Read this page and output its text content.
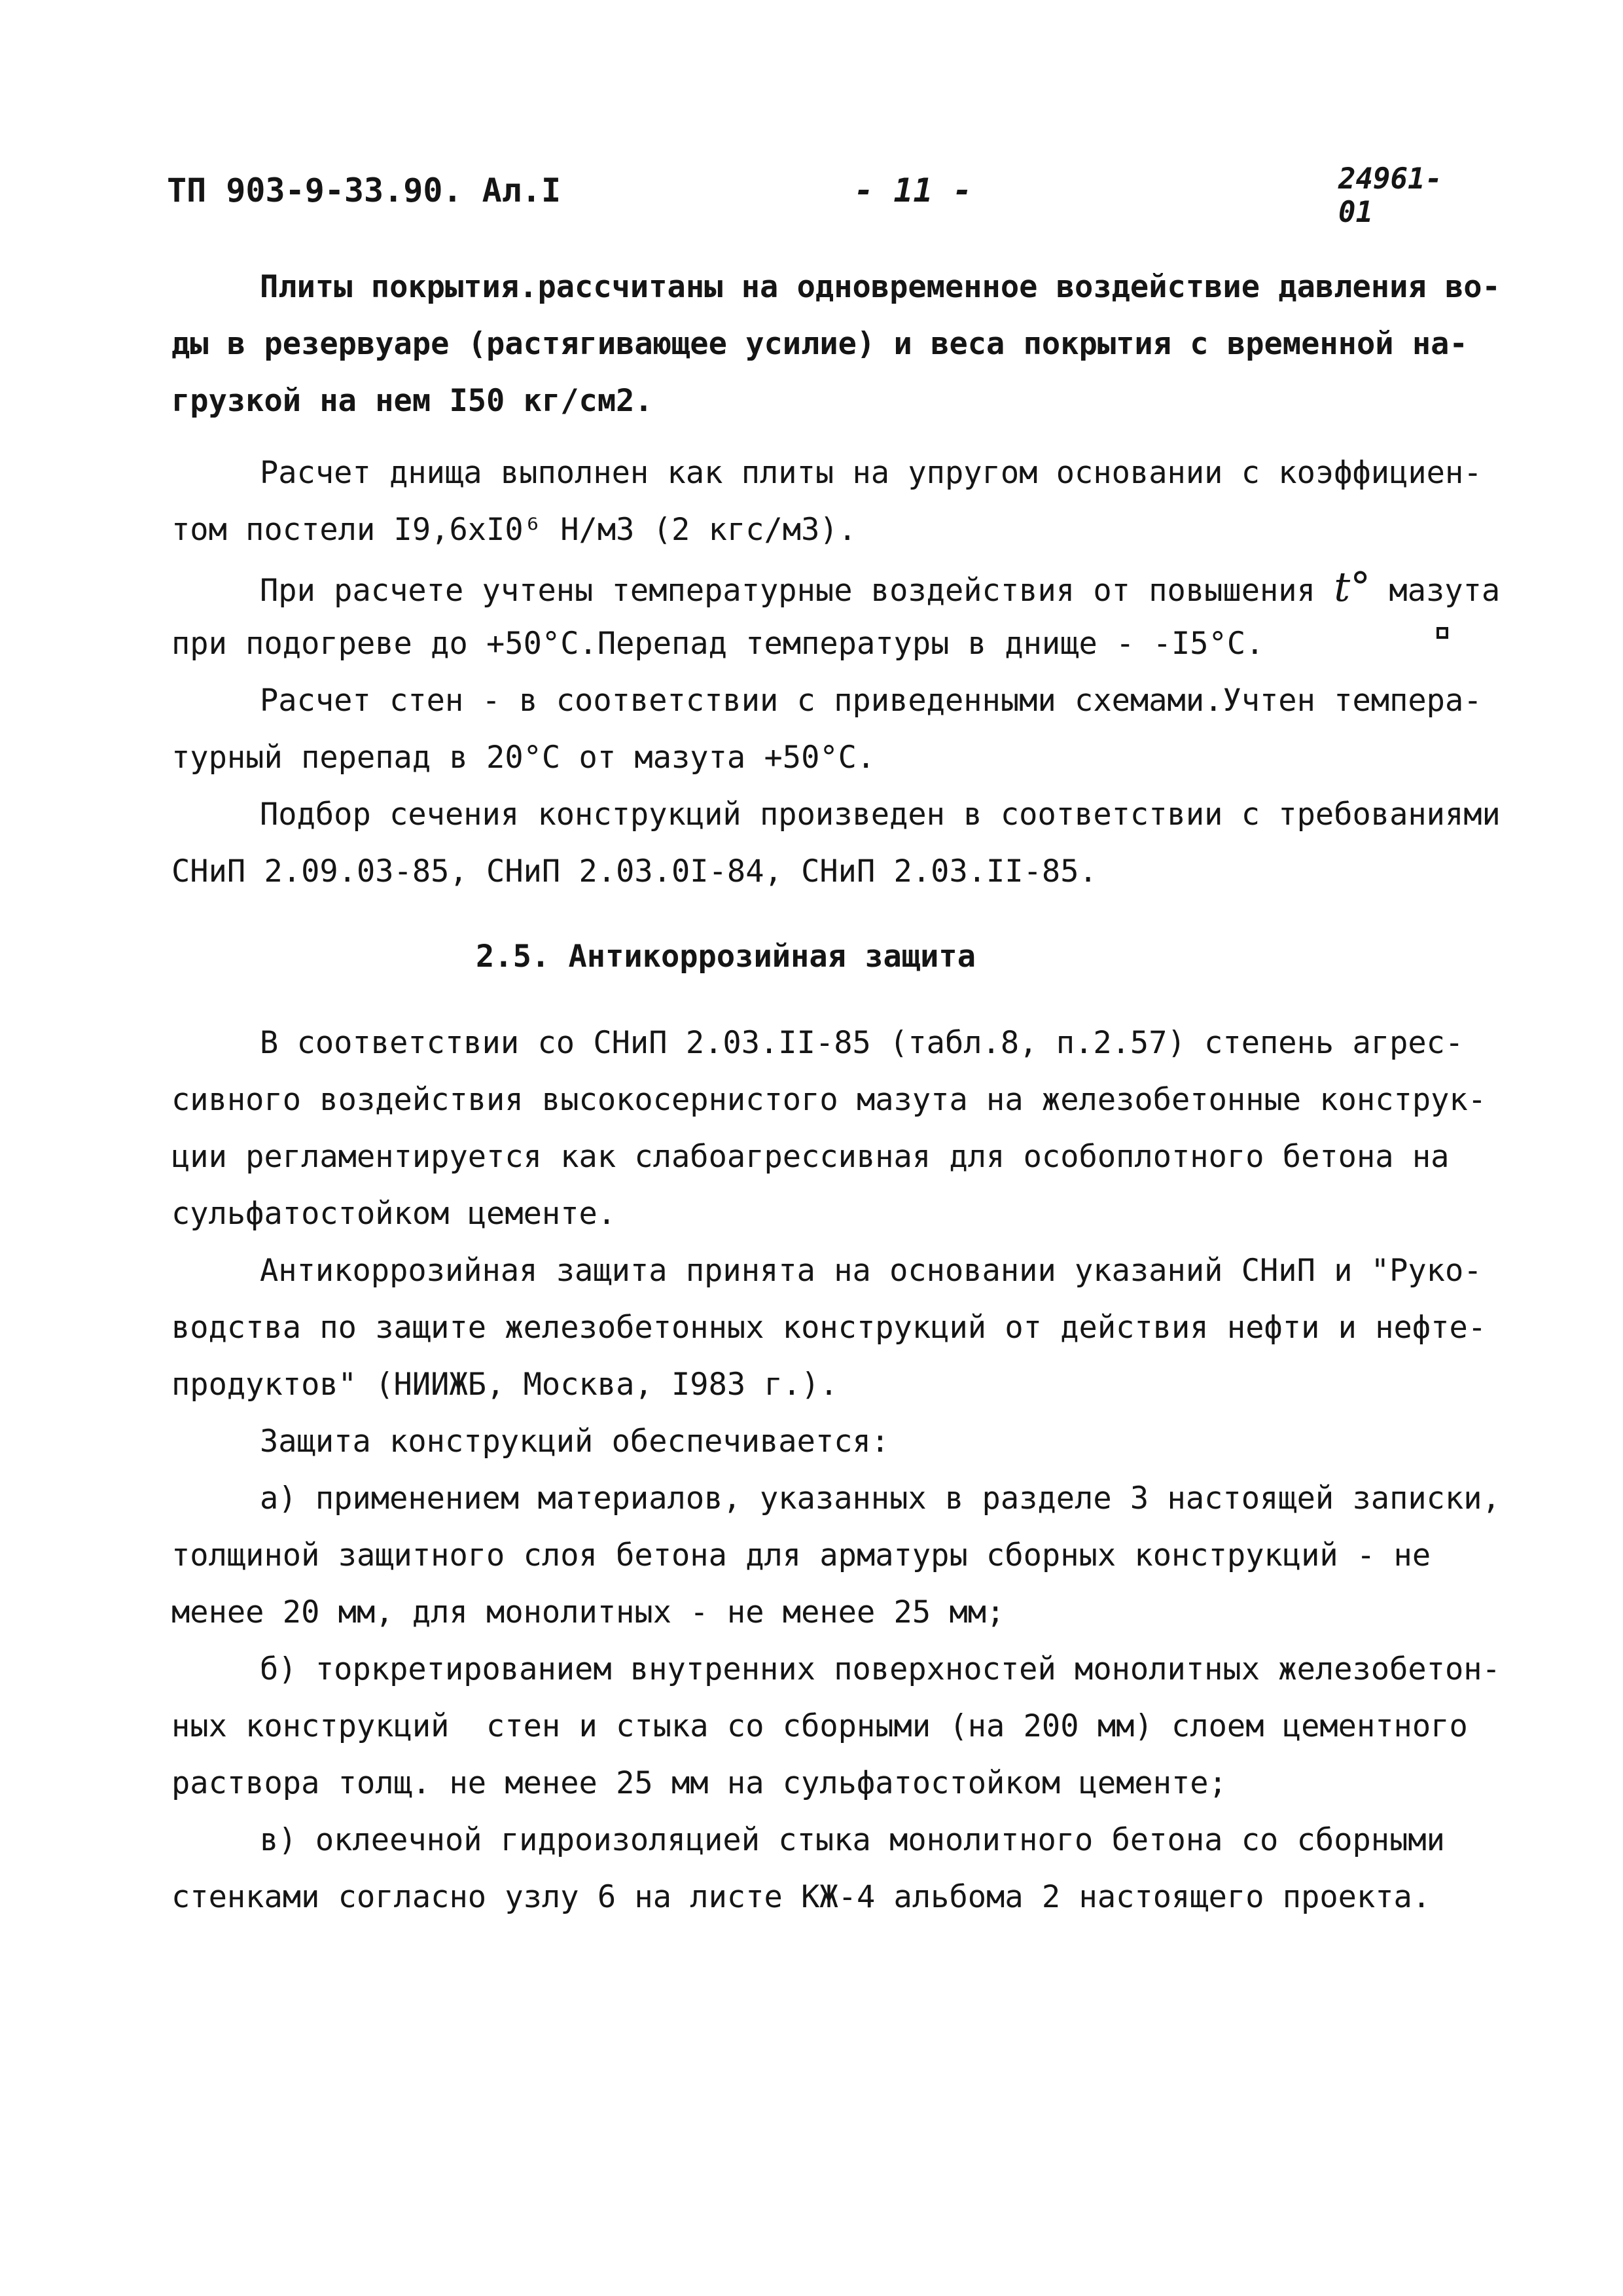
ТП 903-9-33.90. Ал.I	- 11 -	24961-01
Плиты покрытия.рассчитаны на одновременное воздействие давления во-
ды в резервуаре (растягивающее усилие) и веса покрытия с временной на-
грузкой на нем I50 кг/см2.
Расчет днища выполнен как плиты на упругом основании с коэффициен-
том постели I9,6xI0⁶ Н/м3 (2 кгс/м3).
При расчете учтены температурные воздействия от повышения t° мазута
при подогреве до +50°С.Перепад температуры в днище - -I5°С.
Расчет стен - в соответствии с приведенными схемами.Учтен темпера-
турный перепад в 20°С от мазута +50°С.
Подбор сечения конструкций произведен в соответствии с требованиями
СНиП 2.09.03-85, СНиП 2.03.0I-84, СНиП 2.03.II-85.
2.5. Антикоррозийная защита
В соответствии со СНиП 2.03.II-85 (табл.8, п.2.57) степень агрес-
сивного воздействия высокосернистого мазута на железобетонные конструк-
ции регламентируется как слабоагрессивная для особоплотного бетона на
сульфатостойком цементе.
Антикоррозийная защита принята на основании указаний СНиП и "Руко-
водства по защите железобетонных конструкций от действия нефти и нефте-
продуктов" (НИИЖБ, Москва, I983 г.).
Защита конструкций обеспечивается:
а) применением материалов, указанных в разделе 3 настоящей записки,
толщиной защитного слоя бетона для арматуры сборных конструкций - не
менее 20 мм, для монолитных - не менее 25 мм;
б) торкретированием внутренних поверхностей монолитных железобетон-
ных конструкций  стен и стыка со сборными (на 200 мм) слоем цементного
раствора толщ. не менее 25 мм на сульфатостойком цементе;
в) оклеечной гидроизоляцией стыка монолитного бетона со сборными
стенками согласно узлу 6 на листе КЖ-4 альбома 2 настоящего проекта.
